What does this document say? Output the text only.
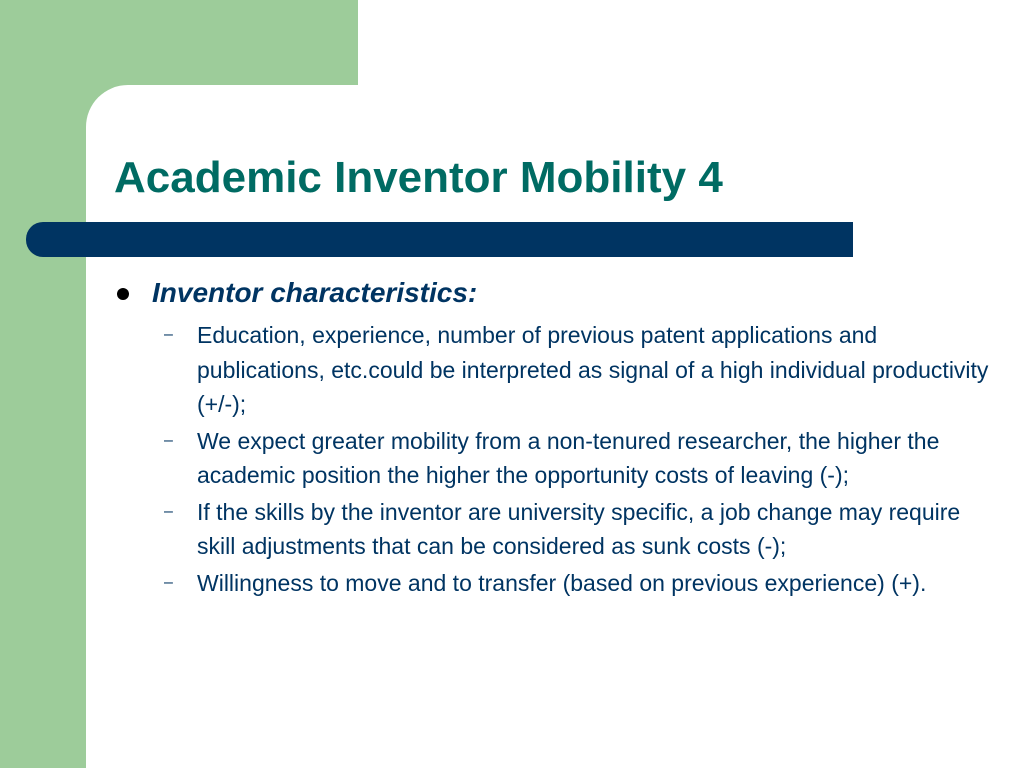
Academic Inventor Mobility 4
Inventor characteristics:
– Education, experience, number of previous patent applications and publications, etc.could be interpreted as signal of a high individual productivity (+/-);
– We expect greater mobility from a non-tenured researcher, the higher the academic position the higher the opportunity costs of leaving (-);
– If the skills by the inventor are university specific, a job change may require skill adjustments that can be considered as sunk costs (-);
– Willingness to move and to transfer (based on previous experience) (+).
